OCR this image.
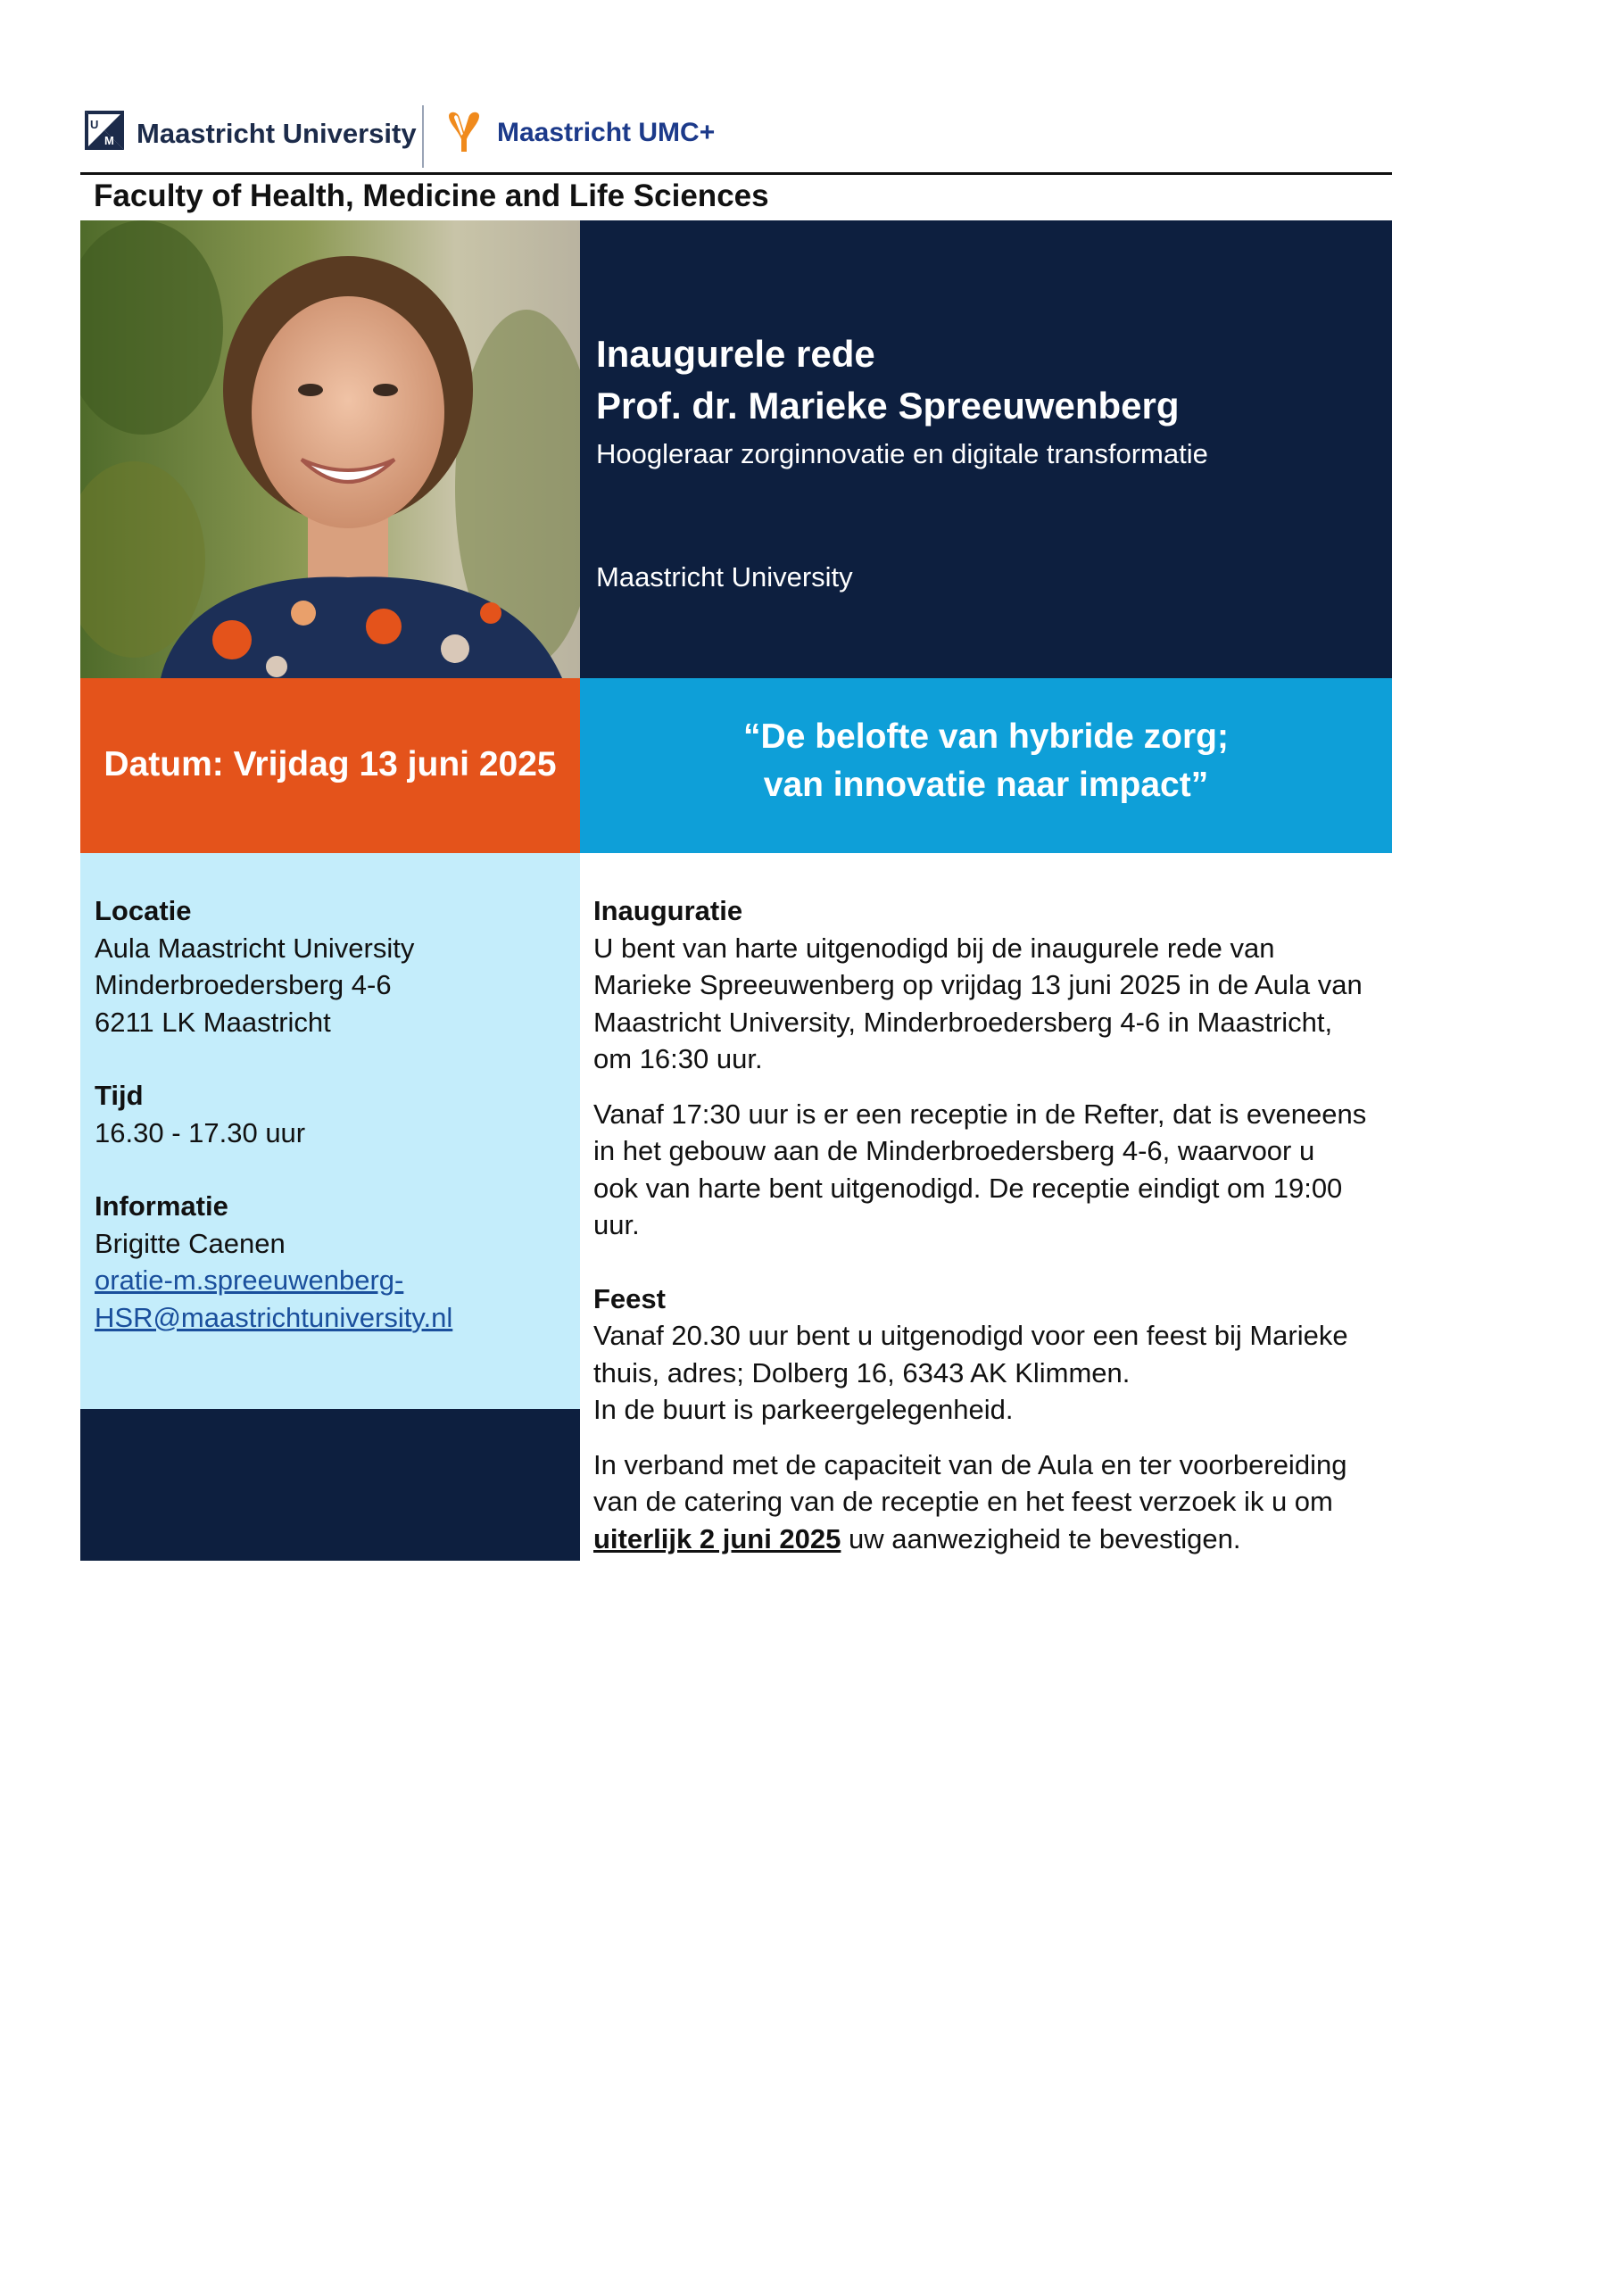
U
M Maastricht University	Maastricht UMC+
Faculty of Health, Medicine and Life Sciences
Inaugurele rede
Prof. dr. Marieke Spreeuwenberg
Hoogleraar zorginnovatie en digitale transformatie
Maastricht University
Datum: Vrijdag 13 juni 2025
“De belofte van hybride zorg;
van innovatie naar impact”
Locatie
Aula Maastricht University
Minderbroedersberg 4-6
6211 LK Maastricht
Tijd
16.30 - 17.30 uur
Informatie
Brigitte Caenen
oratie-m.spreeuwenberg-
HSR@maastrichtuniversity.nl
Inauguratie
U bent van harte uitgenodigd bij de inaugurele rede van
Marieke Spreeuwenberg op vrijdag 13 juni 2025 in de Aula van
Maastricht University, Minderbroedersberg 4-6 in Maastricht,
om 16:30 uur.
Vanaf 17:30 uur is er een receptie in de Refter, dat is eveneens
in het gebouw aan de Minderbroedersberg 4-6, waarvoor u
ook van harte bent uitgenodigd. De receptie eindigt om 19:00
uur.
Feest
Vanaf 20.30 uur bent u uitgenodigd voor een feest bij Marieke
thuis, adres; Dolberg 16, 6343 AK Klimmen.
In de buurt is parkeergelegenheid.
In verband met de capaciteit van de Aula en ter voorbereiding
van de catering van de receptie en het feest verzoek ik u om
uiterlijk 2 juni 2025 uw aanwezigheid te bevestigen.
